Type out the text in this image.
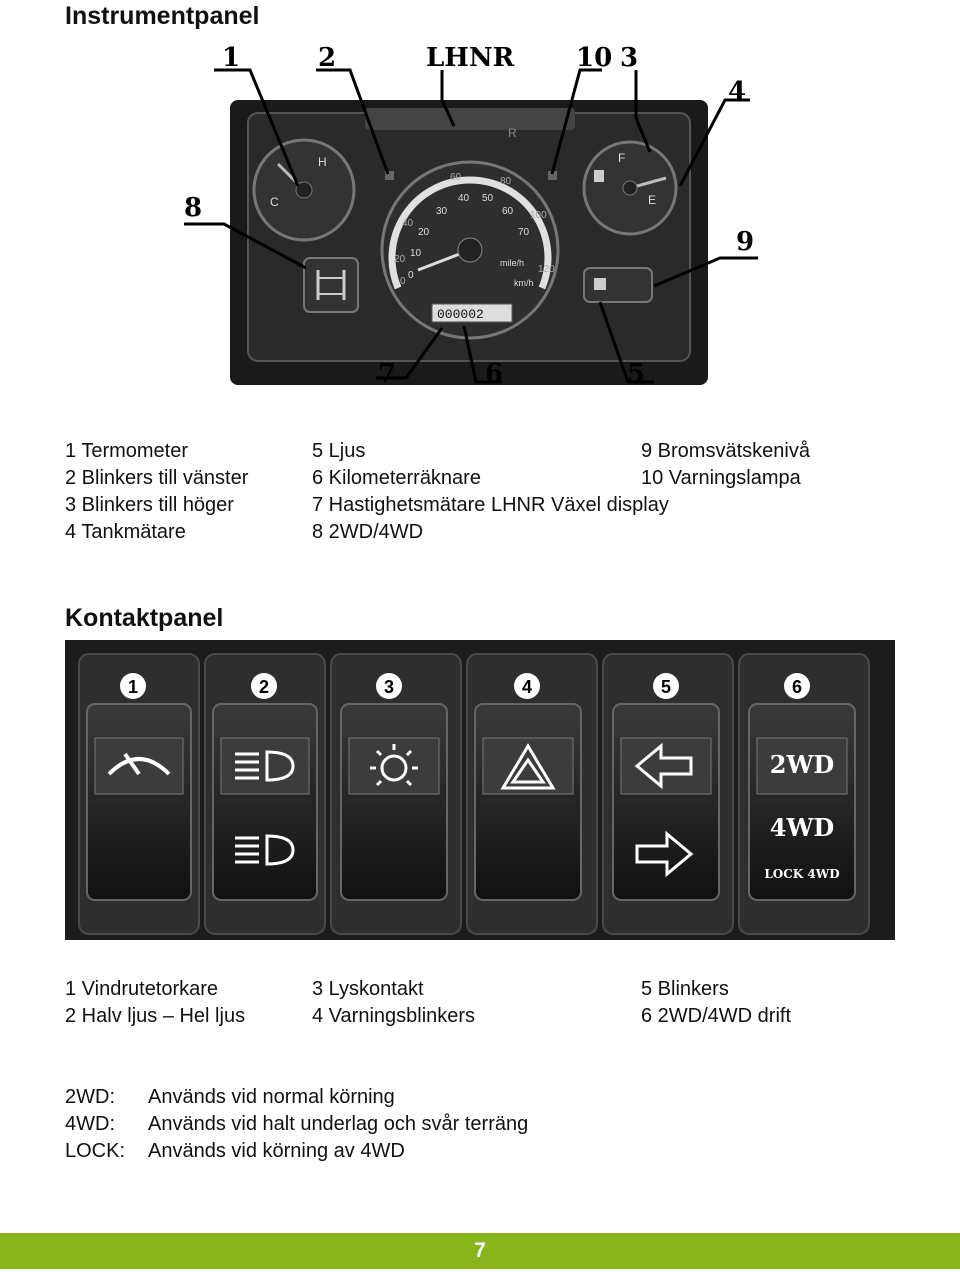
Instrumentpanel
R
H
C
F
E
0
10
20
30
40 50
60
70
0
20
40
60	80
100
120
mile/h
km/h
000002
1	2	LHNR 10 3
4
8
9
7	6	5
1 Termometer
2 Blinkers till vänster
3 Blinkers till höger
4 Tankmätare
5 Ljus
6 Kilometerräknare
7 Hastighetsmätare LHNR Växel display
8 2WD/4WD
9 Bromsvätskenivå
10 Varningslampa
Kontaktpanel
1	2	3	4	5	6
2WD
4WD
LOCK 4WD
1 Vindrutetorkare
2 Halv ljus – Hel ljus
3 Lyskontakt
4 Varningsblinkers
5 Blinkers
6 2WD/4WD drift
2WD:	Används vid normal körning
4WD:	Används vid halt underlag och svår terräng
LOCK:	Används vid körning av 4WD
7
